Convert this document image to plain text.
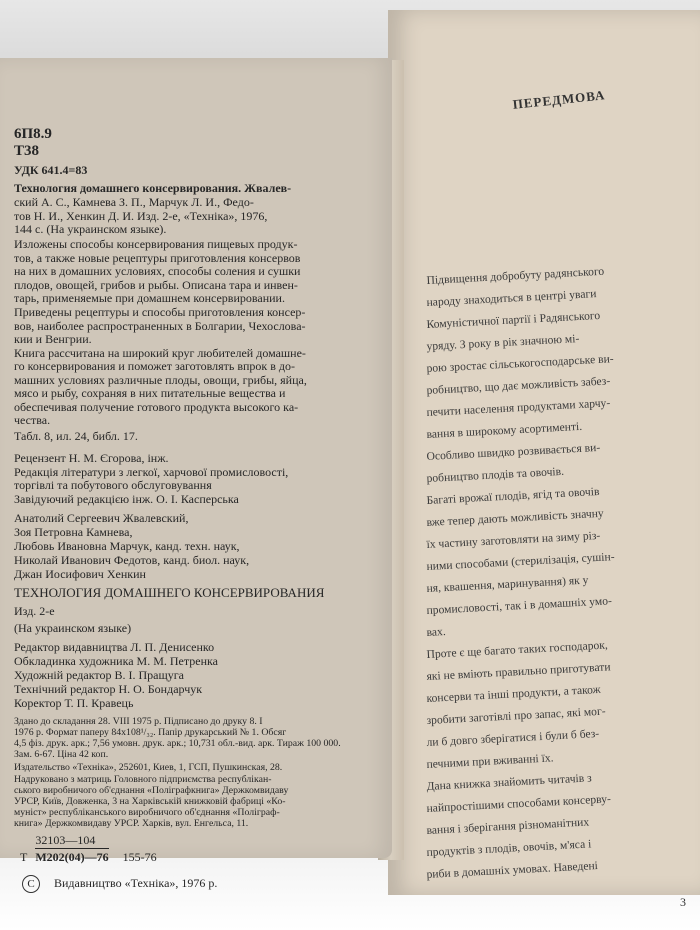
6П8.9
Т38
УДК 641.4=83
Технология домашнего консервирования. Жвалев-
ский А. С., Камнева З. П., Марчук Л. И., Федо-
тов Н. И., Хенкин Д. И. Изд. 2-е, «Техніка», 1976,
144 с. (На украинском языке).
Изложены способы консервирования пищевых продук-
тов, а также новые рецептуры приготовления консервов
на них в домашних условиях, способы соления и сушки
плодов, овощей, грибов и рыбы. Описана тара и инвен-
тарь, применяемые при домашнем консервировании.
Приведены рецептуры и способы приготовления консер-
вов, наиболее распространенных в Болгарии, Чехослова-
кии и Венгрии.
Книга рассчитана на широкий круг любителей домашне-
го консервирования и поможет заготовлять впрок в до-
машних условиях различные плоды, овощи, грибы, яйца,
мясо и рыбу, сохраняя в них питательные вещества и
обеспечивая получение готового продукта высокого ка-
чества.
Табл. 8, ил. 24, библ. 17.
Рецензент Н. М. Єгорова, інж.
Редакція літератури з легкої, харчової промисловості,
торгівлі та побутового обслуговування
Завідуючий редакцією інж. О. І. Касперська
Анатолий Сергеевич Жвалевский,
Зоя Петровна Камнева,
Любовь Ивановна Марчук, канд. техн. наук,
Николай Иванович Федотов, канд. биол. наук,
Джан Иосифович Хенкин
ТЕХНОЛОГИЯ ДОМАШНЕГО КОНСЕРВИРОВАНИЯ
Изд. 2-е
(На украинском языке)
Редактор видавництва Л. П. Денисенко
Обкладинка художника М. М. Петренка
Художній редактор В. І. Пращуга
Технічний редактор Н. О. Бондарчук
Коректор Т. П. Кравець
Здано до складання 28. VIII 1975 р. Підписано до друку 8. I
1976 р. Формат паперу 84х108¹/₃₂. Папір друкарський № 1. Обсяг
4,5 фіз. друк. арк.; 7,56 умовн. друк. арк.; 10,731 обл.-вид. арк. Тираж 100 000.
Зам. 6-67. Ціна 42 коп.
Издательство «Техніка», 252601, Киев, 1, ГСП, Пушкинская, 28.
Надруковано з матриць Головного підприємства республікан-
ського виробничого об'єднання «Поліграфкнига» Держкомвидаву
УРСР, Київ, Довженка, 3 на Харківській книжковій фабриці «Ко-
мунiст» республіканського виробничого об'єднання «Поліграф-
книга» Держкомвидаву УРСР. Харків, вул. Енгельса, 11.
Т
32103—104
М202(04)—76 155-76
C Видавництво «Техніка», 1976 р.
ПЕРЕДМОВА
Підвищення добробуту радянського
народу знаходиться в центрі уваги
Комуністичної партії і Радянського
уряду. З року в рік значною мі-
рою зростає сільськогосподарське ви-
робництво, що дає можливість забез-
печити населення продуктами харчу-
вання в широкому асортименті.
Особливо швидко розвивається ви-
робництво плодів та овочів.
Багаті врожаї плодів, ягід та овочів
вже тепер дають можливість значну
їх частину заготовляти на зиму різ-
ними способами (стерилізація, сушін-
ня, квашення, маринування) як у
промисловості, так і в домашніх умо-
вах.
Проте є ще багато таких господарок,
які не вміють правильно приготувати
консерви та інші продукти, а також
зробити заготівлі про запас, які мог-
ли б довго зберігатися і були б без-
печними при вживанні їх.
Дана книжка знайомить читачів з
найпростішими способами консерву-
вання і зберігання різноманітних
продуктів з плодів, овочів, м'яса і
риби в домашніх умовах. Наведені
3
